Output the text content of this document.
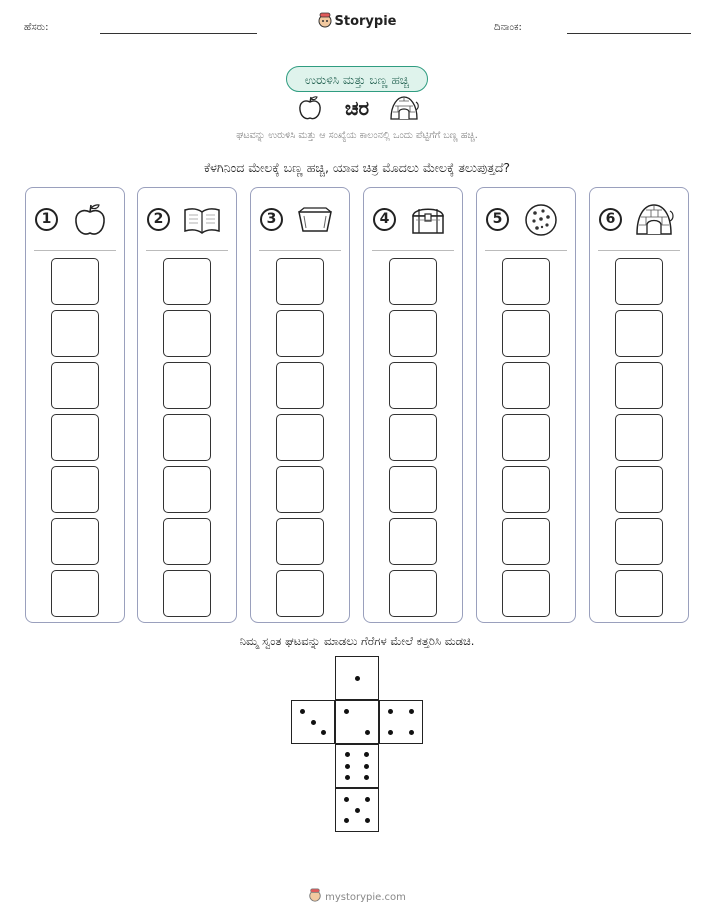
ಹೆಸರು:	Storypie	ದಿನಾಂಕ:
ಉರುಳಿಸಿ ಮತ್ತು ಬಣ್ಣ ಹಚ್ಚಿ
ಚರ
ಘಟವನ್ನು ಉರುಳಿಸಿ ಮತ್ತು ಆ ಸಂಖ್ಯೆಯ ಕಾಲಂನಲ್ಲಿ ಒಂದು ಪೆಟ್ಟಿಗೆಗೆ ಬಣ್ಣ ಹಚ್ಚಿ.
ಕೆಳಗಿನಿಂದ ಮೇಲಕ್ಕೆ ಬಣ್ಣ ಹಚ್ಚಿ, ಯಾವ ಚಿತ್ರ ಮೊದಲು ಮೇಲಕ್ಕೆ ತಲುಪುತ್ತದೆ?
1	2	3	4	5	6
ನಿಮ್ಮ ಸ್ವಂತ ಘಟವನ್ನು ಮಾಡಲು ಗೆರೆಗಳ ಮೇಲೆ ಕತ್ತರಿಸಿ ಮಡಚಿ.
mystorypie.com
